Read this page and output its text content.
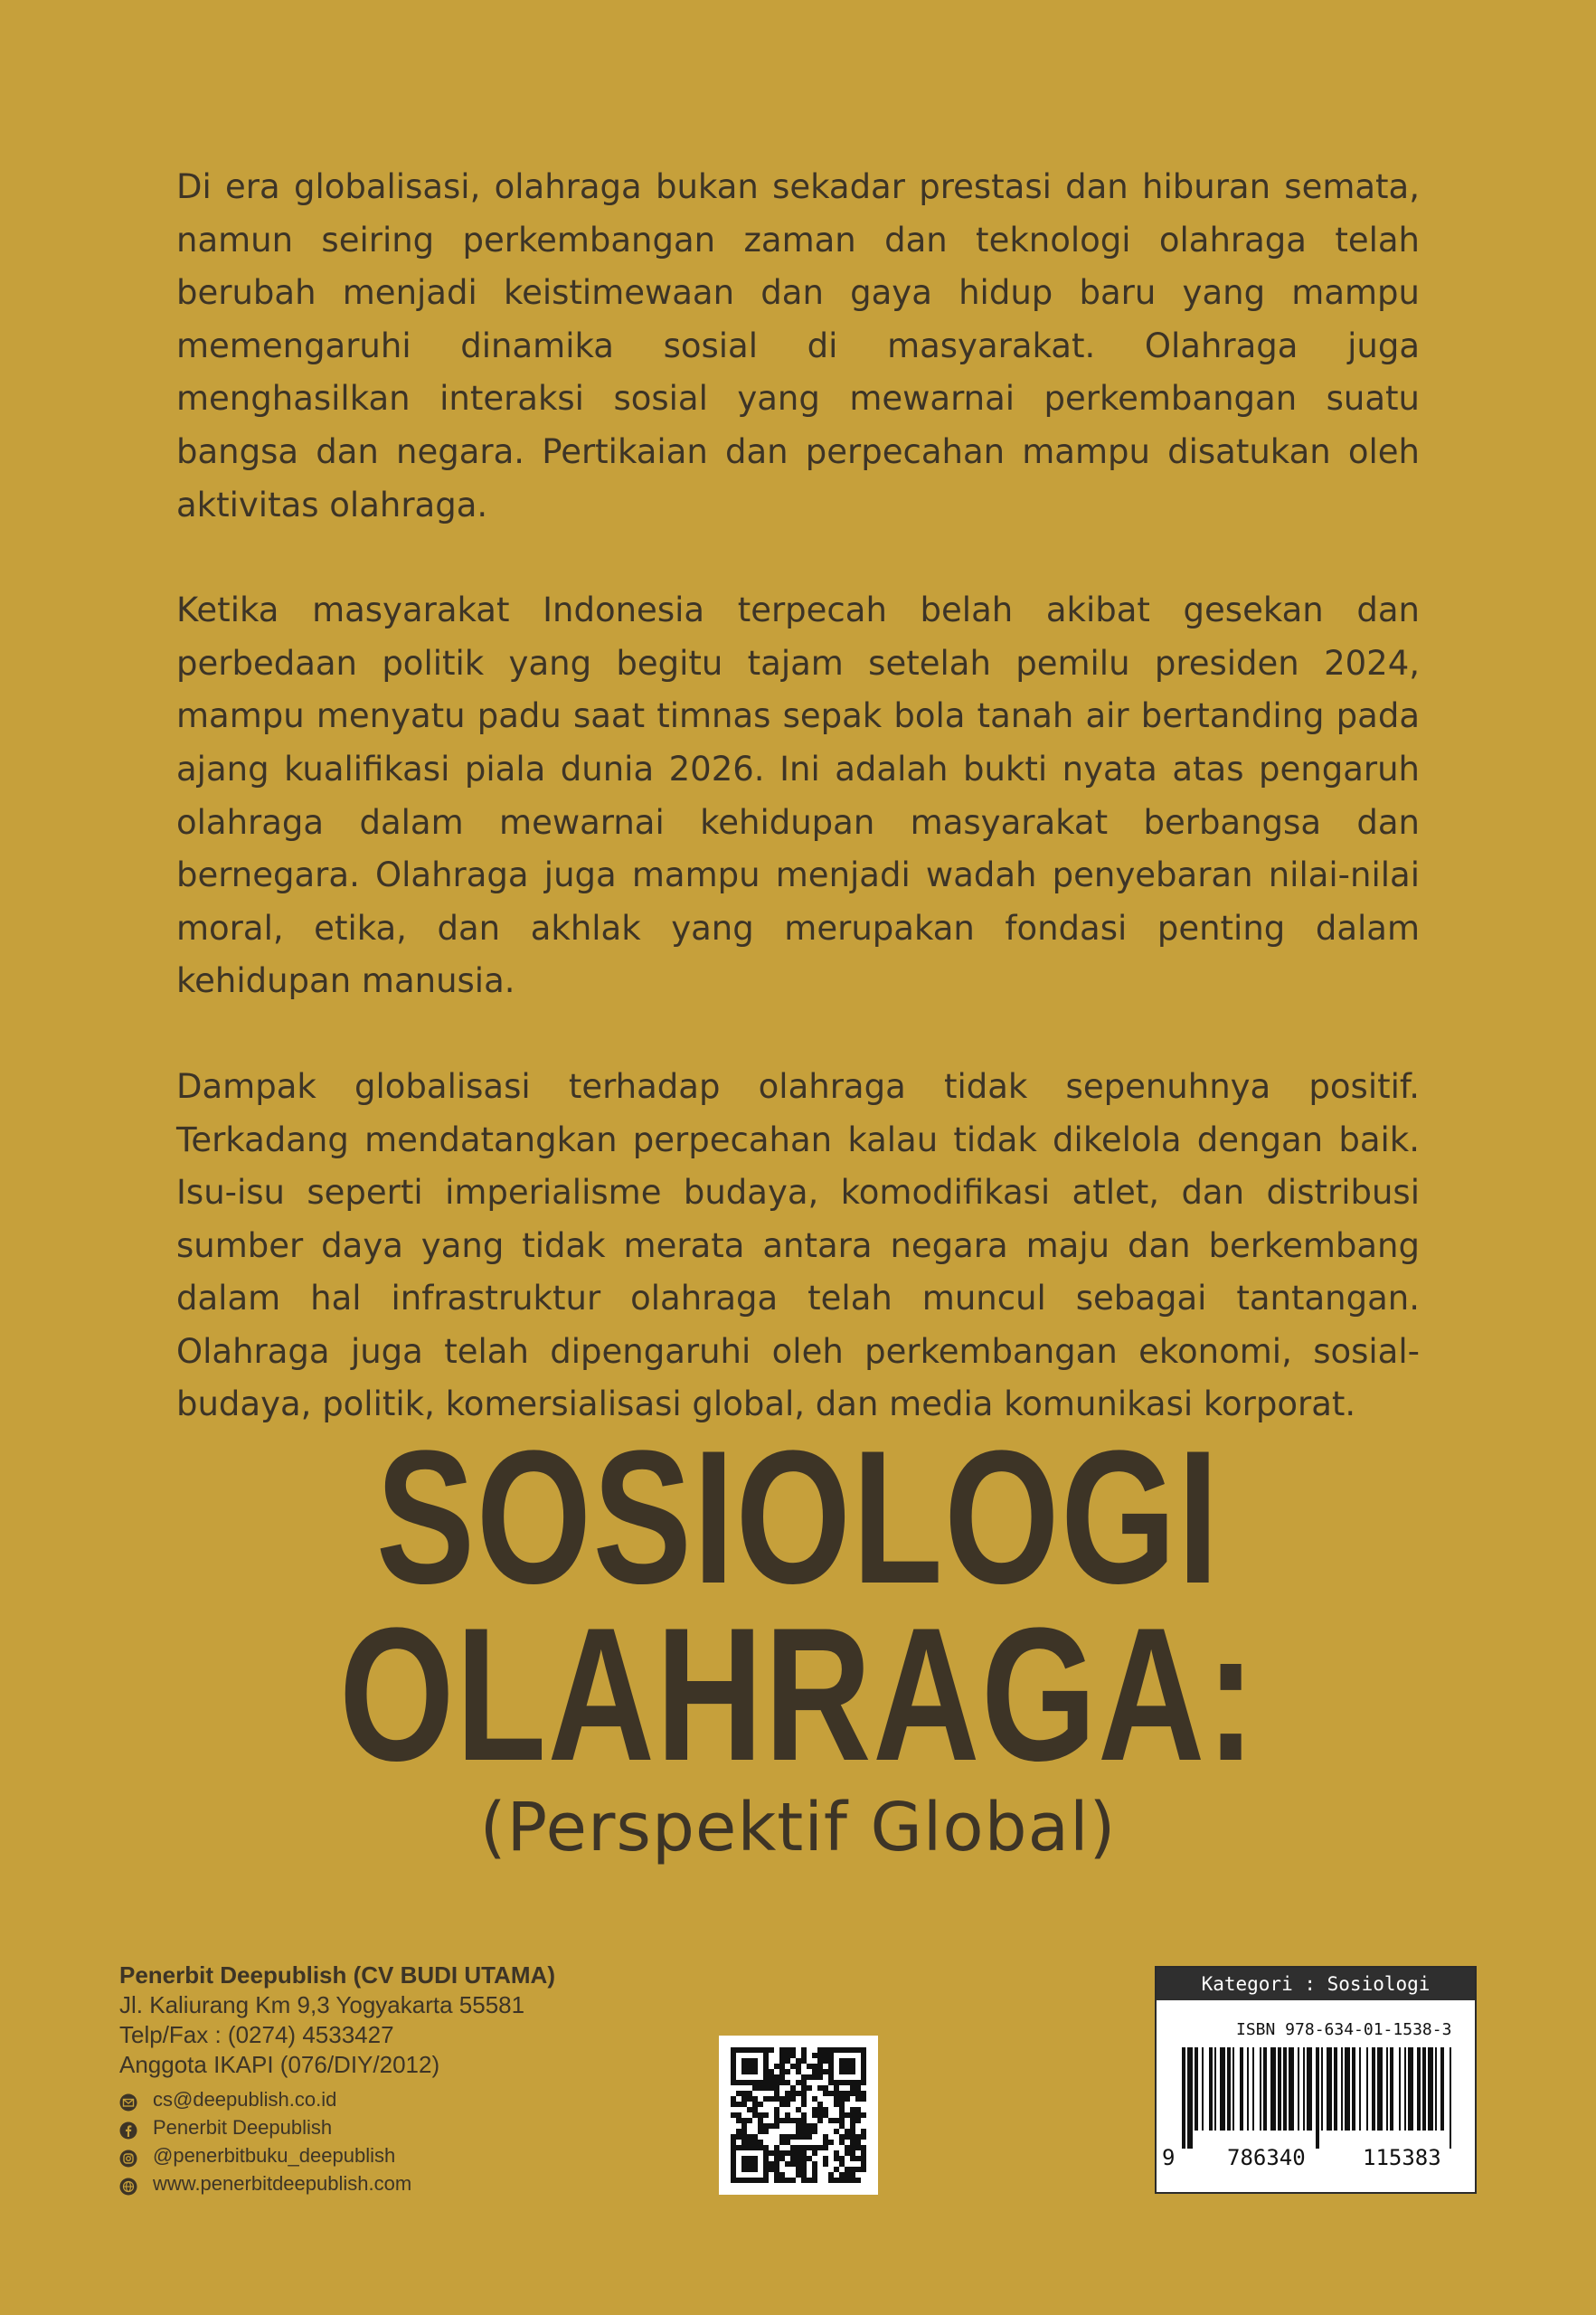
Di era globalisasi, olahraga bukan sekadar prestasi dan hiburan semata, namun seiring perkembangan zaman dan teknologi olahraga telah berubah menjadi keistimewaan dan gaya hidup baru yang mampu memengaruhi dinamika sosial di masyarakat. Olahraga juga menghasilkan interaksi sosial yang mewarnai perkembangan suatu bangsa dan negara. Pertikaian dan perpecahan mampu disatukan oleh aktivitas olahraga.

Ketika masyarakat Indonesia terpecah belah akibat gesekan dan perbedaan politik yang begitu tajam setelah pemilu presiden 2024, mampu menyatu padu saat timnas sepak bola tanah air bertanding pada ajang kualifikasi piala dunia 2026. Ini adalah bukti nyata atas pengaruh olahraga dalam mewarnai kehidupan masyarakat berbangsa dan bernegara. Olahraga juga mampu menjadi wadah penyebaran nilai-nilai moral, etika, dan akhlak yang merupakan fondasi penting dalam kehidupan manusia.

Dampak globalisasi terhadap olahraga tidak sepenuhnya positif. Terkadang mendatangkan perpecahan kalau tidak dikelola dengan baik. Isu-isu seperti imperialisme budaya, komodifikasi atlet, dan distribusi sumber daya yang tidak merata antara negara maju dan berkembang dalam hal infrastruktur olahraga telah muncul sebagai tantangan. Olahraga juga telah dipengaruhi oleh perkembangan ekonomi, sosial-budaya, politik, komersialisasi global, dan media komunikasi korporat.

SOSIOLOGI
OLAHRAGA:
(Perspektif Global)
Penerbit Deepublish (CV BUDI UTAMA)
Jl. Kaliurang Km 9,3 Yogyakarta 55581
Telp/Fax : (0274) 4533427
Anggota IKAPI (076/DIY/2012)
cs@deepublish.co.id
Penerbit Deepublish
@penerbitbuku_deepublish
www.penerbitdeepublish.com
Kategori : Sosiologi
ISBN 978-634-01-1538-3
9 786340	115383
